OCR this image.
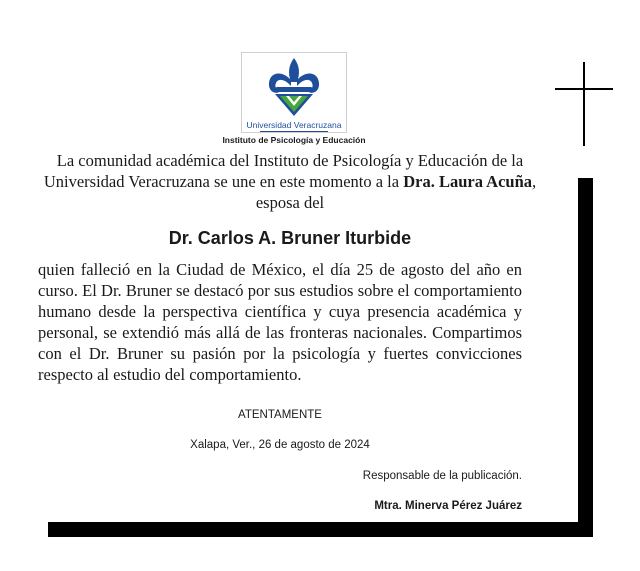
Universidad Veracruzana
Instituto de Psicología y Educación
La comunidad académica del Instituto de Psicología y Educación de la Universidad Veracruzana se une en este momento a la Dra. Laura Acuña, esposa del
Dr. Carlos A. Bruner Iturbide
quien falleció en la Ciudad de México, el día 25 de agosto del año en curso. El Dr. Bruner se destacó por sus estudios sobre el comportamiento humano desde la perspectiva científica y cuya presencia académica y personal, se extendió más allá de las fronteras nacionales. Compartimos con el Dr. Bruner su pasión por la psicología y fuertes convicciones respecto al estudio del comportamiento.
ATENTAMENTE
Xalapa, Ver., 26 de agosto de 2024
Responsable de la publicación.
Mtra. Minerva Pérez Juárez
